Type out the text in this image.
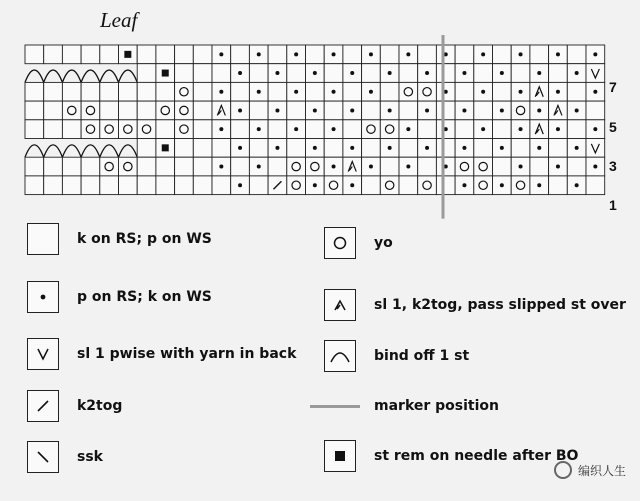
Leaf
7
5
3
1
k on RS; p on WS	yo
p on RS; k on WS	sl 1, k2tog, pass slipped st over
sl 1 pwise with yarn in back	bind off 1 st
k2tog	marker position
ssk	st rem on needle after BO
编织人生
